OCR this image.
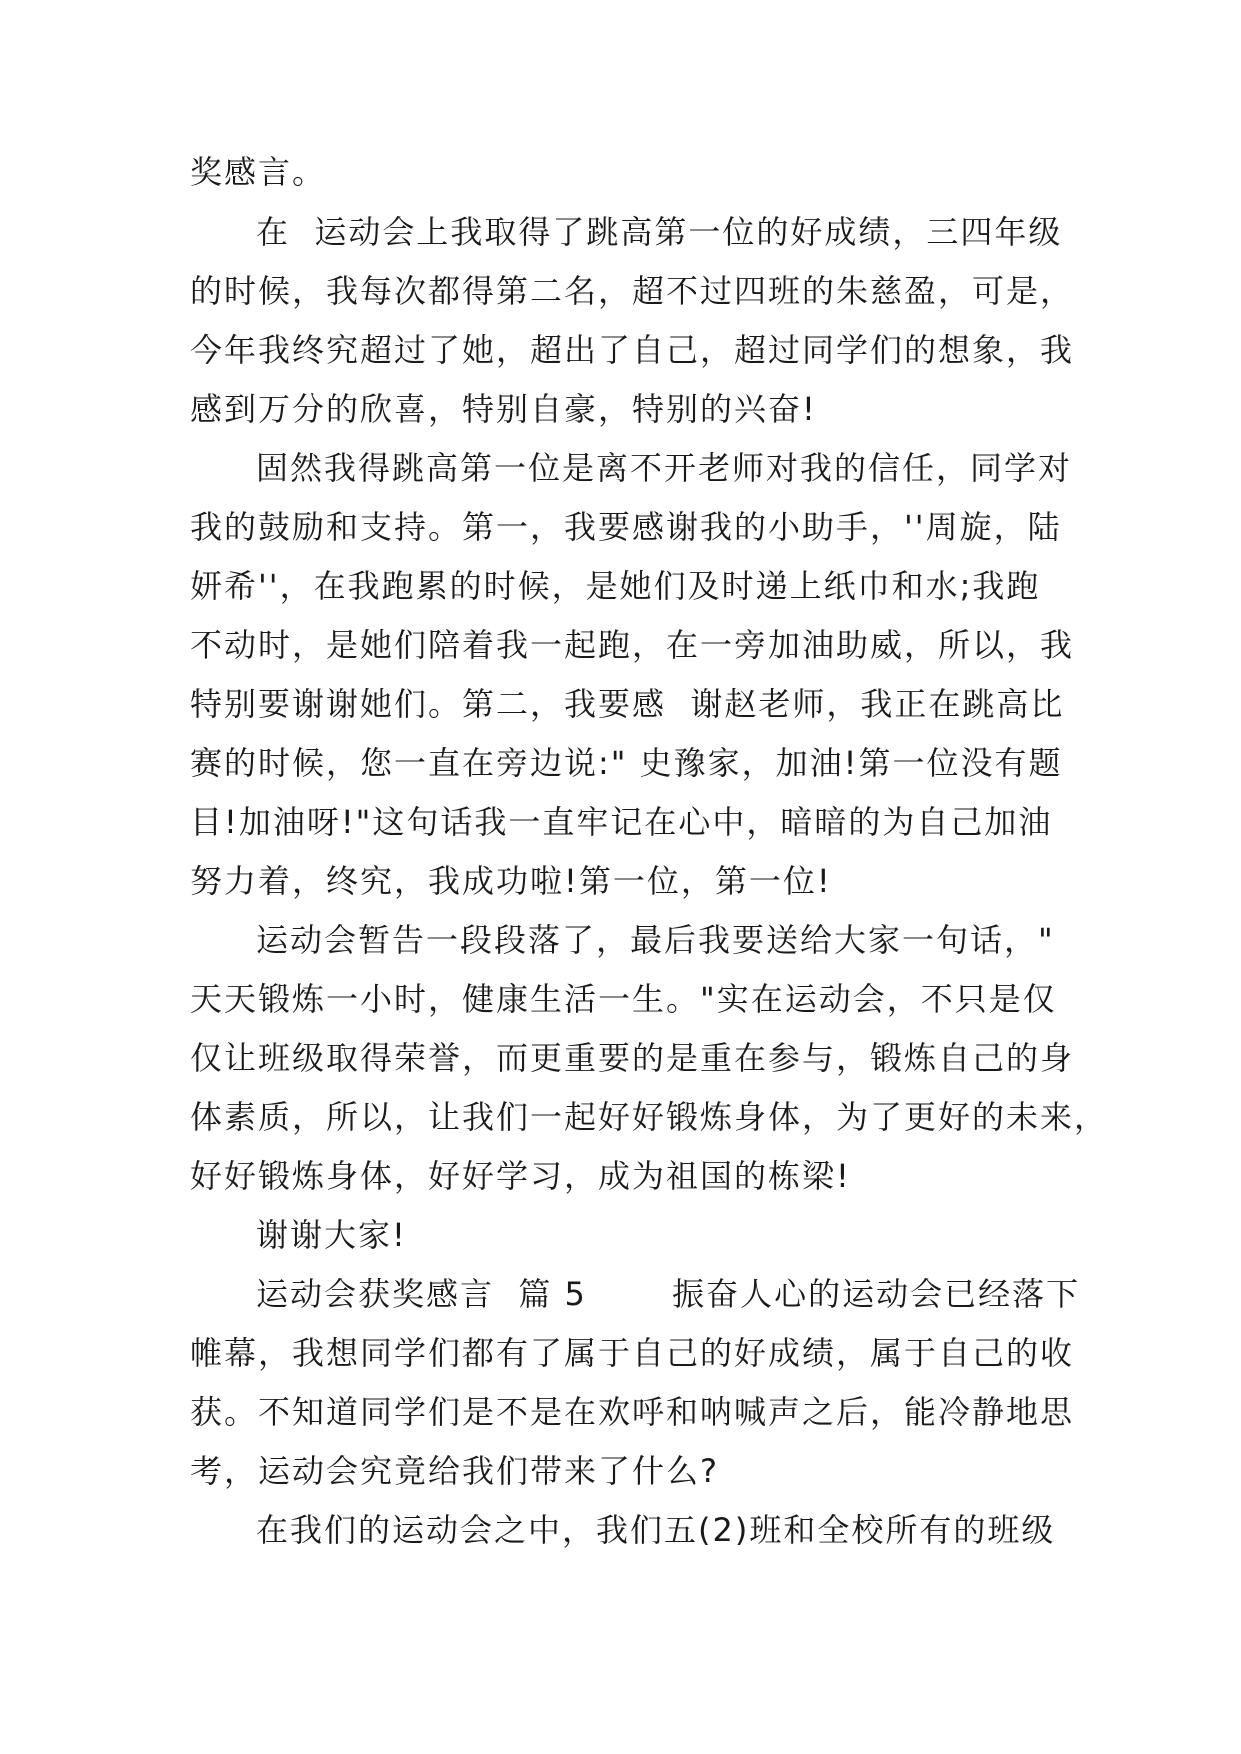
奖感言。

在  运动会上我取得了跳高第一位的好成绩，三四年级

的时候，我每次都得第二名，超不过四班的朱慈盈，可是，

今年我终究超过了她，超出了自己，超过同学们的想象，我

感到万分的欣喜，特别自豪，特别的兴奋!

固然我得跳高第一位是离不开老师对我的信任，同学对

我的鼓励和支持。第一，我要感谢我的小助手，''周旋，陆

妍希''，在我跑累的时候，是她们及时递上纸巾和水;我跑

不动时，是她们陪着我一起跑，在一旁加油助威，所以，我

特别要谢谢她们。第二，我要感  谢赵老师，我正在跳高比

赛的时候，您一直在旁边说:" 史豫家，加油!第一位没有题

目!加油呀!"这句话我一直牢记在心中，暗暗的为自己加油

努力着，终究，我成功啦!第一位，第一位!

运动会暂告一段段落了，最后我要送给大家一句话，"

天天锻炼一小时，健康生活一生。"实在运动会，不只是仅

仅让班级取得荣誉，而更重要的是重在参与，锻炼自己的身

体素质，所以，让我们一起好好锻炼身体，为了更好的未来，

好好锻炼身体，好好学习，成为祖国的栋梁!

谢谢大家!

运动会获奖感言  篇 5       振奋人心的运动会已经落下

帷幕，我想同学们都有了属于自己的好成绩，属于自己的收

获。不知道同学们是不是在欢呼和呐喊声之后，能冷静地思

考，运动会究竟给我们带来了什么?

在我们的运动会之中，我们五(2)班和全校所有的班级
